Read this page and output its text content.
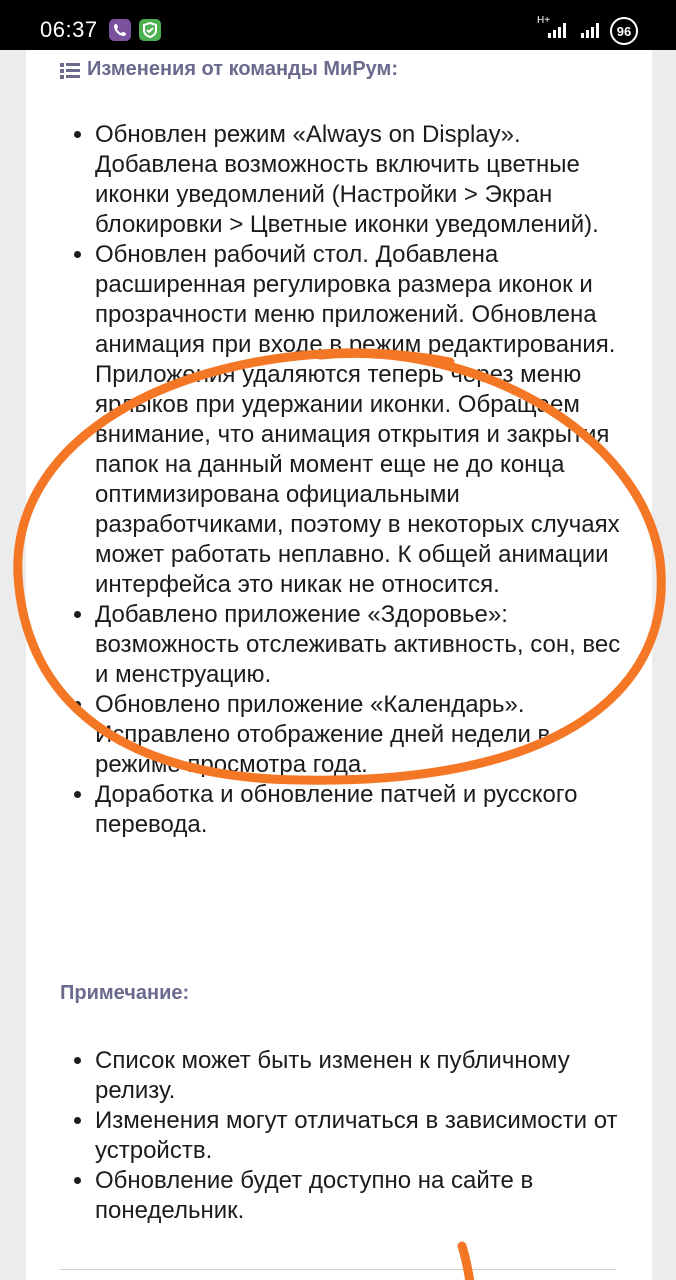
06:37	H+
96
Изменения от команды МиРум:
• Обновлен режим «Always on Display». Добавлена возможность включить цветные иконки уведомлений (Настройки > Экран блокировки > Цветные иконки уведомлений).
• Обновлен рабочий стол. Добавлена расширенная регулировка размера иконок и прозрачности меню приложений. Обновлена анимация при входе в режим редактирования. Приложения удаляются теперь через меню ярлыков при удержании иконки. Обращаем внимание, что анимация открытия и закрытия папок на данный момент еще не до конца оптимизирована официальными разработчиками, поэтому в некоторых случаях может работать неплавно. К общей анимации интерфейса это никак не относится.
• Добавлено приложение «Здоровье»: возможность отслеживать активность, сон, вес и менструацию.
• Обновлено приложение «Календарь». Исправлено отображение дней недели в режиме просмотра года.
• Доработка и обновление патчей и русского перевода.
Примечание:
• Список может быть изменен к публичному релизу.
• Изменения могут отличаться в зависимости от устройств.
• Обновление будет доступно на сайте в понедельник.
